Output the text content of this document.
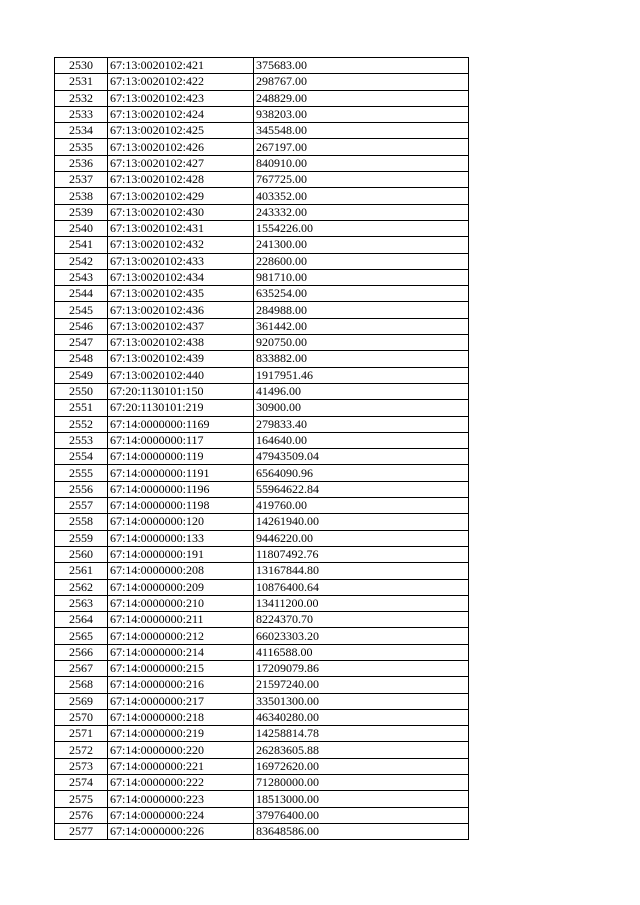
2530	67:13:0020102:421	375683.00
2531	67:13:0020102:422	298767.00
2532	67:13:0020102:423	248829.00
2533	67:13:0020102:424	938203.00
2534	67:13:0020102:425	345548.00
2535	67:13:0020102:426	267197.00
2536	67:13:0020102:427	840910.00
2537	67:13:0020102:428	767725.00
2538	67:13:0020102:429	403352.00
2539	67:13:0020102:430	243332.00
2540	67:13:0020102:431	1554226.00
2541	67:13:0020102:432	241300.00
2542	67:13:0020102:433	228600.00
2543	67:13:0020102:434	981710.00
2544	67:13:0020102:435	635254.00
2545	67:13:0020102:436	284988.00
2546	67:13:0020102:437	361442.00
2547	67:13:0020102:438	920750.00
2548	67:13:0020102:439	833882.00
2549	67:13:0020102:440	1917951.46
2550	67:20:1130101:150	41496.00
2551	67:20:1130101:219	30900.00
2552	67:14:0000000:1169	279833.40
2553	67:14:0000000:117	164640.00
2554	67:14:0000000:119	47943509.04
2555	67:14:0000000:1191	6564090.96
2556	67:14:0000000:1196	55964622.84
2557	67:14:0000000:1198	419760.00
2558	67:14:0000000:120	14261940.00
2559	67:14:0000000:133	9446220.00
2560	67:14:0000000:191	11807492.76
2561	67:14:0000000:208	13167844.80
2562	67:14:0000000:209	10876400.64
2563	67:14:0000000:210	13411200.00
2564	67:14:0000000:211	8224370.70
2565	67:14:0000000:212	66023303.20
2566	67:14:0000000:214	4116588.00
2567	67:14:0000000:215	17209079.86
2568	67:14:0000000:216	21597240.00
2569	67:14:0000000:217	33501300.00
2570	67:14:0000000:218	46340280.00
2571	67:14:0000000:219	14258814.78
2572	67:14:0000000:220	26283605.88
2573	67:14:0000000:221	16972620.00
2574	67:14:0000000:222	71280000.00
2575	67:14:0000000:223	18513000.00
2576	67:14:0000000:224	37976400.00
2577	67:14:0000000:226	83648586.00
